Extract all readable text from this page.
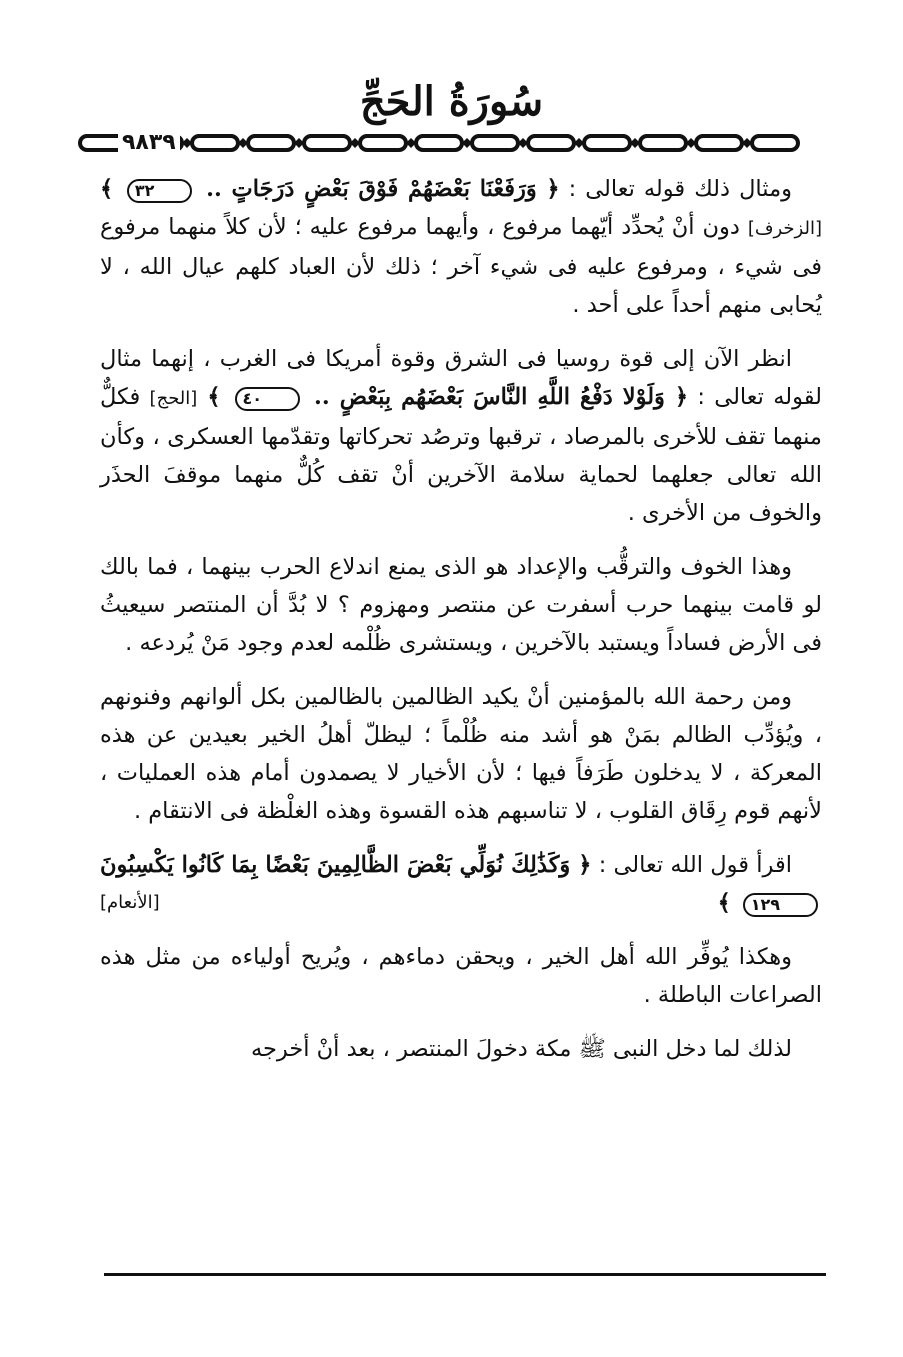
سُورَةُ الحَجِّ
٩٨٣٩

ومثال ذلك قوله تعالى : ﴿ وَرَفَعْنَا بَعْضَهُمْ فَوْقَ بَعْضٍ دَرَجَاتٍ .. ٣٢ ﴾ [الزخرف] دون أنْ يُحدِّد أيّهما مرفوع ، وأيهما مرفوع عليه ؛ لأن كلاً منهما مرفوع فى شيء ، ومرفوع عليه فى شيء آخر ؛ ذلك لأن العباد كلهم عيال الله ، لا يُحابى منهم أحداً على أحد .

انظر الآن إلى قوة روسيا فى الشرق وقوة أمريكا فى الغرب ، إنهما مثال لقوله تعالى : ﴿ وَلَوْلا دَفْعُ اللَّهِ النَّاسَ بَعْضَهُم بِبَعْضٍ .. ٤٠ ﴾ [الحج] فكلٌّ منهما تقف للأخرى بالمرصاد ، ترقبها وترصُد تحركاتها وتقدّمها العسكرى ، وكأن الله تعالى جعلهما لحماية سلامة الآخرين أنْ تقف كُلٌّ منهما موقفَ الحذَر والخوف من الأخرى .

وهذا الخوف والترقُّب والإعداد هو الذى يمنع اندلاع الحرب بينهما ، فما بالك لو قامت بينهما حرب أسفرت عن منتصر ومهزوم ؟ لا بُدَّ أن المنتصر سيعيثُ فى الأرض فساداً ويستبد بالآخرين ، ويستشرى ظُلْمه لعدم وجود مَنْ يُردعه .

ومن رحمة الله بالمؤمنين أنْ يكيد الظالمين بالظالمين بكل ألوانهم وفنونهم ، ويُؤدِّب الظالم بمَنْ هو أشد منه ظُلْماً ؛ ليظلّ أهلُ الخير بعيدين عن هذه المعركة ، لا يدخلون طَرَفاً فيها ؛ لأن الأخيار لا يصمدون أمام هذه العمليات ، لأنهم قوم رِقَاق القلوب ، لا تناسبهم هذه القسوة وهذه الغلْظة فى الانتقام .

اقرأ قول الله تعالى : ﴿ وَكَذَٰلِكَ نُوَلِّي بَعْضَ الظَّالِمِينَ بَعْضًا بِمَا كَانُوا يَكْسِبُونَ ١٢٩ ﴾
[الأنعام]

وهكذا يُوفِّر الله أهل الخير ، ويحقن دماءهم ، ويُريح أولياءه من مثل هذه الصراعات الباطلة .

لذلك لما دخل النبى ﷺ مكة دخولَ المنتصر ، بعد أنْ أخرجه
